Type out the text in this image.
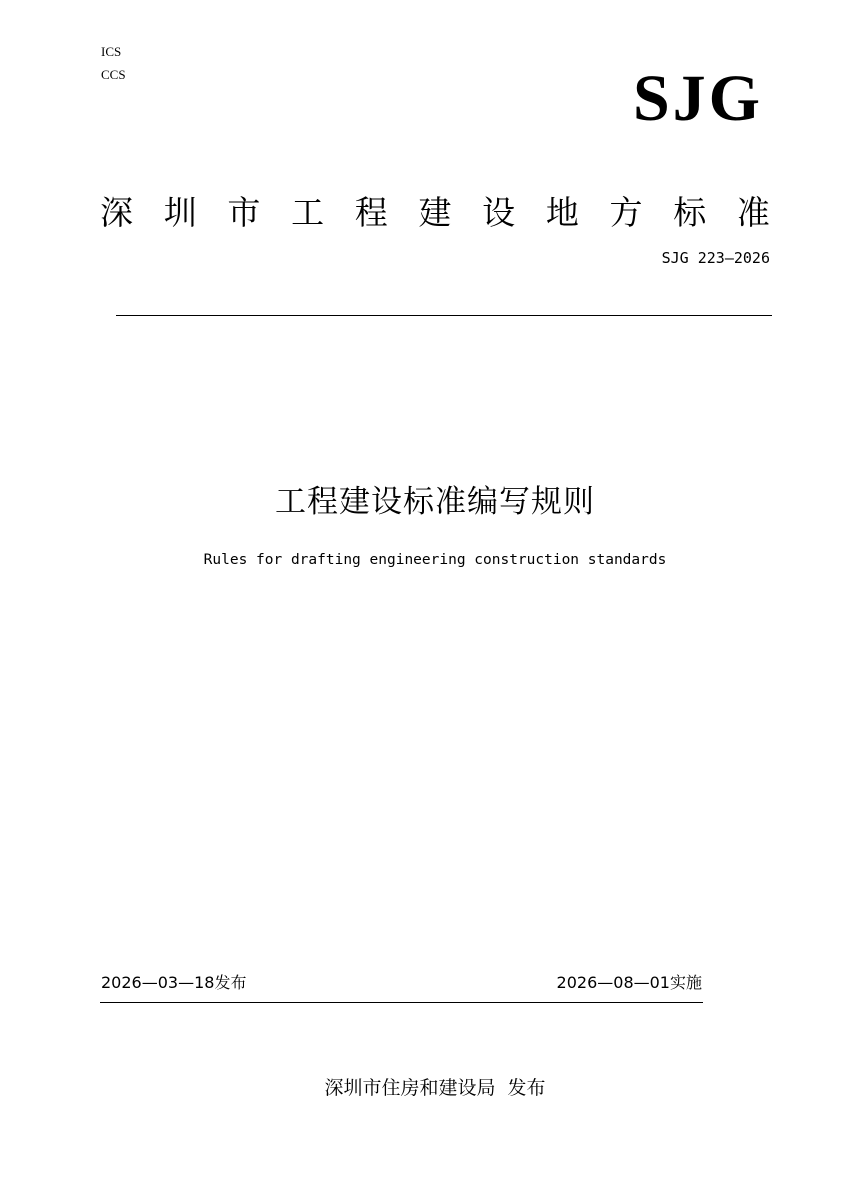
ICS
CCS	SJG
深 圳 市 工 程 建 设 地 方 标 准
SJG 223—2026
工程建设标准编写规则
Rules for drafting engineering construction standards
2026—03—18发布	2026—08—01实施
深圳市住房和建设局  发布
